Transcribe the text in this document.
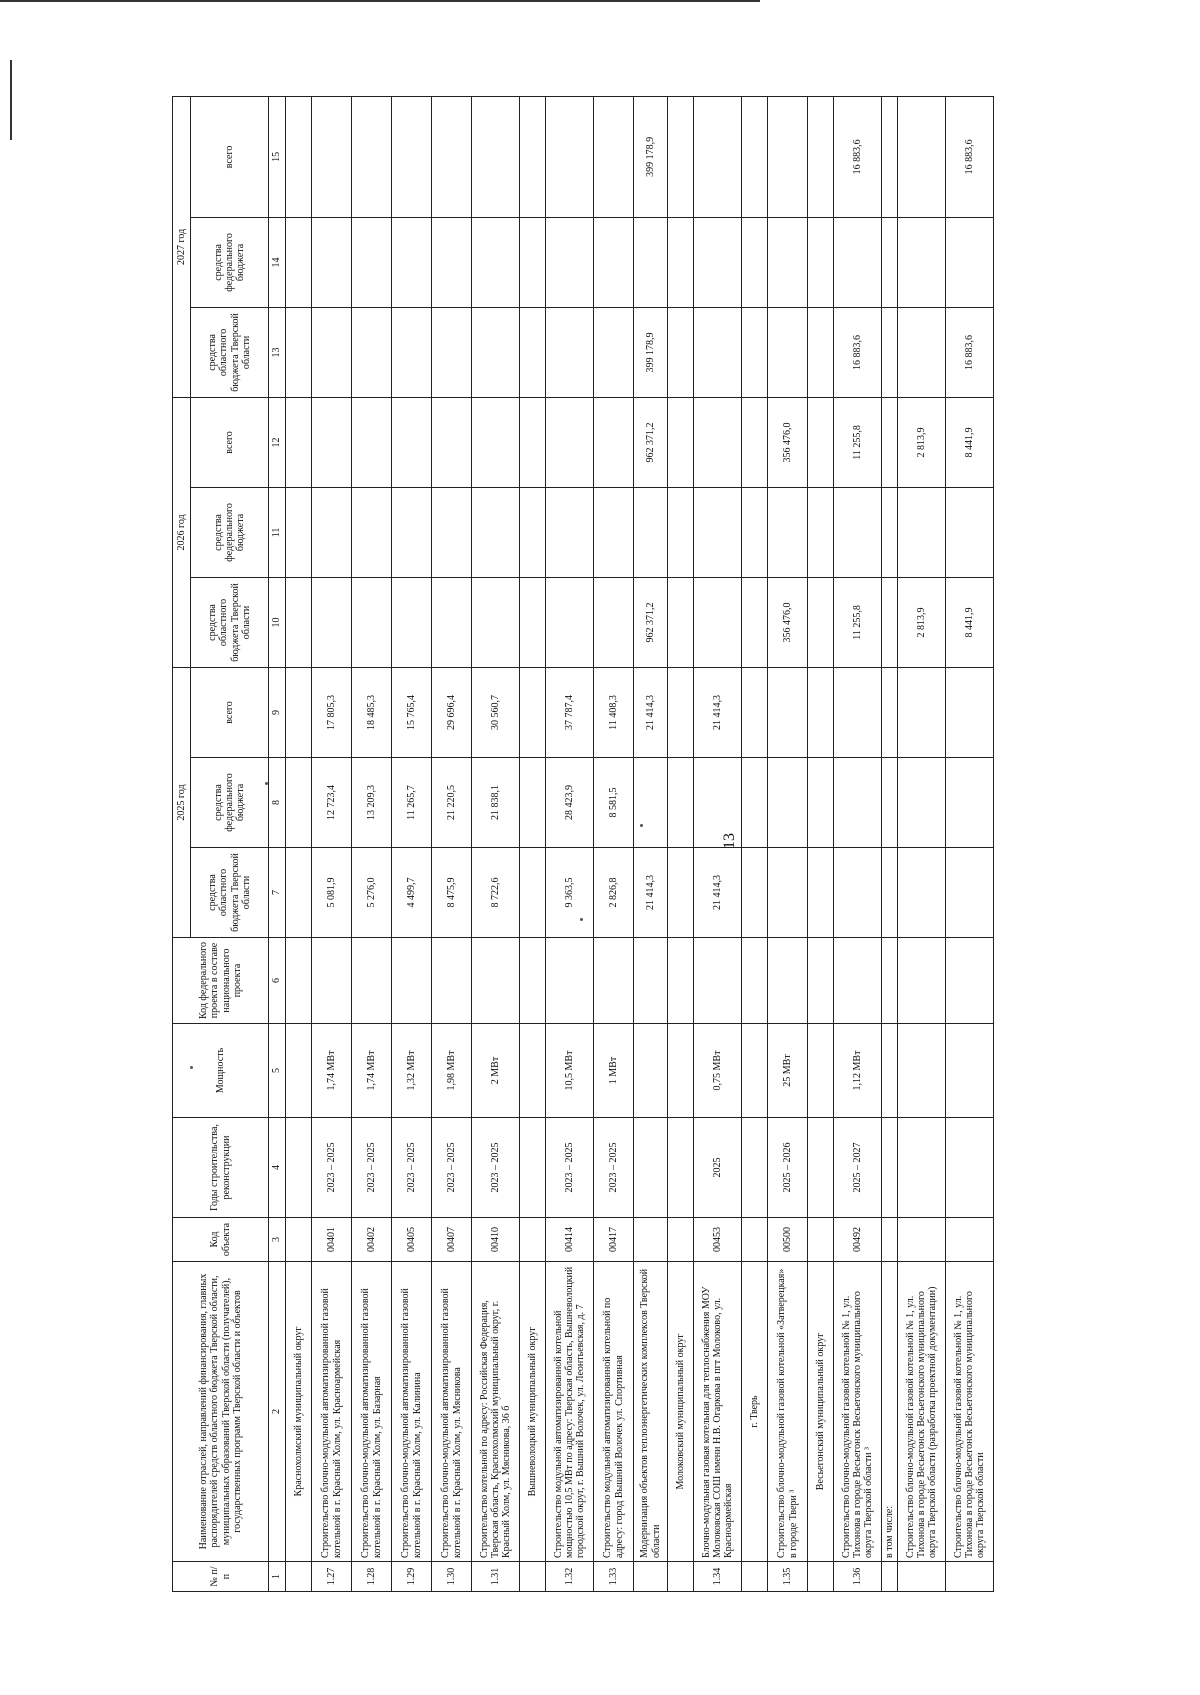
13
№ п/п	Наименование отраслей, направлений финансирования, главных распорядителей средств областного бюджета Тверской области, муниципальных образований Тверской области (получателей), государственных программ Тверской области и объектов	Код объекта	Годы строительства, реконструкции	Мощность	Код федерального проекта в составе национального проекта	2025 год			2026 год			2027 год		
						средства областного бюджета Тверской области	средства федерального бюджета	всего	средства областного бюджета Тверской области	средства федерального бюджета	всего	средства областного бюджета Тверской области	средства федерального бюджета	всего
1	2	3	4	5	6	7	8	9	10	11	12	13	14	15
	Краснохолмский муниципальный округ													
1.27	Строительство блочно-модульной автоматизированной газовой котельной в г. Красный Холм, ул. Красноармейская	00401	2023 – 2025	1,74 МВт		5 081,9	12 723,4	17 805,3						
1.28	Строительство блочно-модульной автоматизированной газовой котельной в г. Красный Холм, ул. Базарная	00402	2023 – 2025	1,74 МВт		5 276,0	13 209,3	18 485,3						
1.29	Строительство блочно-модульной автоматизированной газовой котельной в г. Красный Холм, ул. Калинина	00405	2023 – 2025	1,32 МВт		4 499,7	11 265,7	15 765,4						
1.30	Строительство блочно-модульной автоматизированной газовой котельной в г. Красный Холм, ул. Мясникова	00407	2023 – 2025	1,98 МВт		8 475,9	21 220,5	29 696,4						
1.31	Строительство котельной по адресу: Российская Федерация, Тверская область, Краснохолмский муниципальный округ, г. Красный Холм, ул. Мясникова, 36 б	00410	2023 – 2025	2 МВт		8 722,6	21 838,1	30 560,7						
	Вышневолоцкий муниципальный округ													
1.32	Строительство модульной автоматизированной котельной мощностью 10,5 МВт по адресу: Тверская область, Вышневолоцкий городской округ, г. Вышний Волочек, ул. Леонтьевская, д. 7	00414	2023 – 2025	10,5 МВт		9 363,5	28 423,9	37 787,4						
1.33	Строительство модульной автоматизированной котельной по адресу: город Вышний Волочек ул. Спортивная	00417	2023 – 2025	1 МВт		2 826,8	8 581,5	11 408,3						
	Модернизация объектов теплоэнергетических комплексов Тверской области					21 414,3		21 414,3	962 371,2		962 371,2	399 178,9		399 178,9
	Молоковский муниципальный округ													
1.34	Блочно-модульная газовая котельная для теплоснабжения МОУ Молоковская СОШ имени Н.В. Огаркова в пгт Молоково, ул. Красноармейская	00453	2025	0,75 МВт		21 414,3		21 414,3						
	г. Тверь													
1.35	Строительство блочно-модульной газовой котельной «Затверецкая» в городе Твери ³	00500	2025 – 2026	25 МВт					356 476,0		356 476,0			
	Весьегонский муниципальный округ													
1.36	Строительство блочно-модульной газовой котельной № 1, ул. Тихонова в городе Весьегонск Весьегонского муниципального округа Тверской области ³	00492	2025 – 2027	1,12 МВт					11 255,8		11 255,8	16 883,6		16 883,6
	в том числе:													
	Строительство блочно-модульной газовой котельной № 1, ул. Тихонова в городе Весьегонск Весьегонского муниципального округа Тверской области (разработка проектной документации)								2 813,9		2 813,9			
	Строительство блочно-модульной газовой котельной № 1, ул. Тихонова в городе Весьегонск Весьегонского муниципального округа Тверской области								8 441,9		8 441,9	16 883,6		16 883,6
